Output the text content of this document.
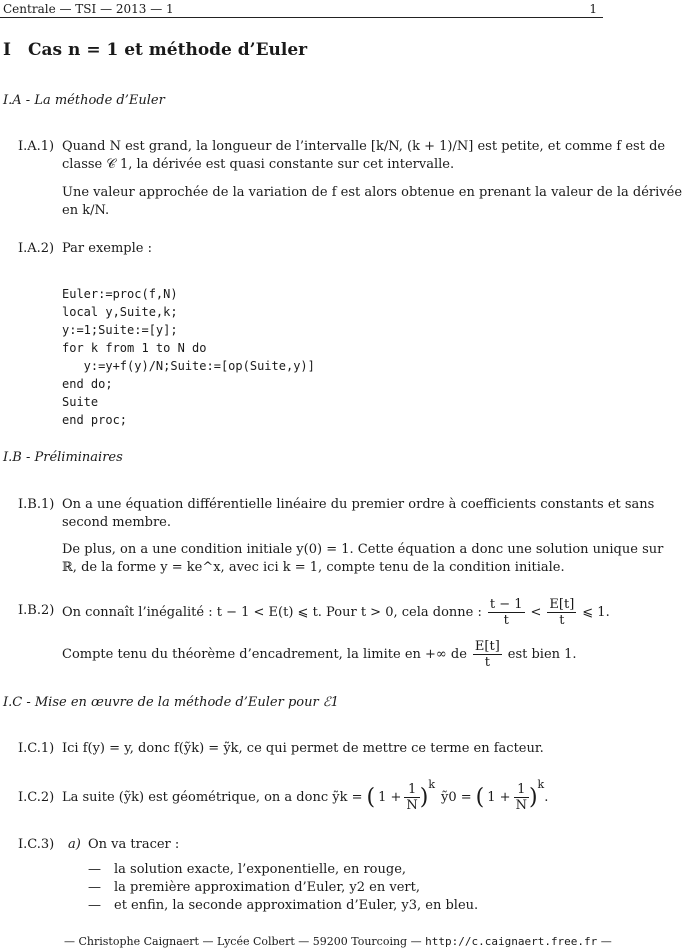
Centrale — TSI — 2013 — 1	1
I Cas n = 1 et méthode d’Euler
I.A - La méthode d’Euler
I.A.1) Quand N est grand, la longueur de l’intervalle [k/N, (k + 1)/N] est petite, et comme f est de
classe 𝒞 1, la dérivée est quasi constante sur cet intervalle.
Une valeur approchée de la variation de f est alors obtenue en prenant la valeur de la dérivée
en k/N.
I.A.2) Par exemple :
Euler:=proc(f,N)
local y,Suite,k;
y:=1;Suite:=[y];
for k from 1 to N do
y:=y+f(y)/N;Suite:=[op(Suite,y)]
end do;
Suite
end proc;
I.B - Préliminaires
I.B.1) On a une équation différentielle linéaire du premier ordre à coefficients constants et sans
second membre.
De plus, on a une condition initiale y(0) = 1. Cette équation a donc une solution unique sur
ℝ, de la forme y = ke^x, avec ici k = 1, compte tenu de la condition initiale.
I.B.2) On connaît l’inégalité : t − 1 < E(t) ⩽ t. Pour t > 0, cela donne : $\frac{t - 1}{t} < \frac{E[t]}{t}$ ⩽ 1.
Compte tenu du théorème d’encadrement, la limite en +∞ de $\frac{E[t]}{t}$ est bien 1.
I.C - Mise en œuvre de la méthode d’Euler pour ℰ1
I.C.1) Ici f(y) = y, donc f(ỹk) = ỹk, ce qui permet de mettre ce terme en facteur.
I.C.2) La suite (ỹk) est géométrique, on a donc ỹk = ( $1 + \frac{1}{N} )^k$
ỹ0 = ( $1 + \frac{1}{N} )^k$
.
I.C.3) a) On va tracer :
— la solution exacte, l’exponentielle, en rouge,
— la première approximation d’Euler, y2 en vert,
— et enfin, la seconde approximation d’Euler, y3, en bleu.
— Christophe Caignaert — Lycée Colbert — 59200 Tourcoing — http://c.caignaert.free.fr —
